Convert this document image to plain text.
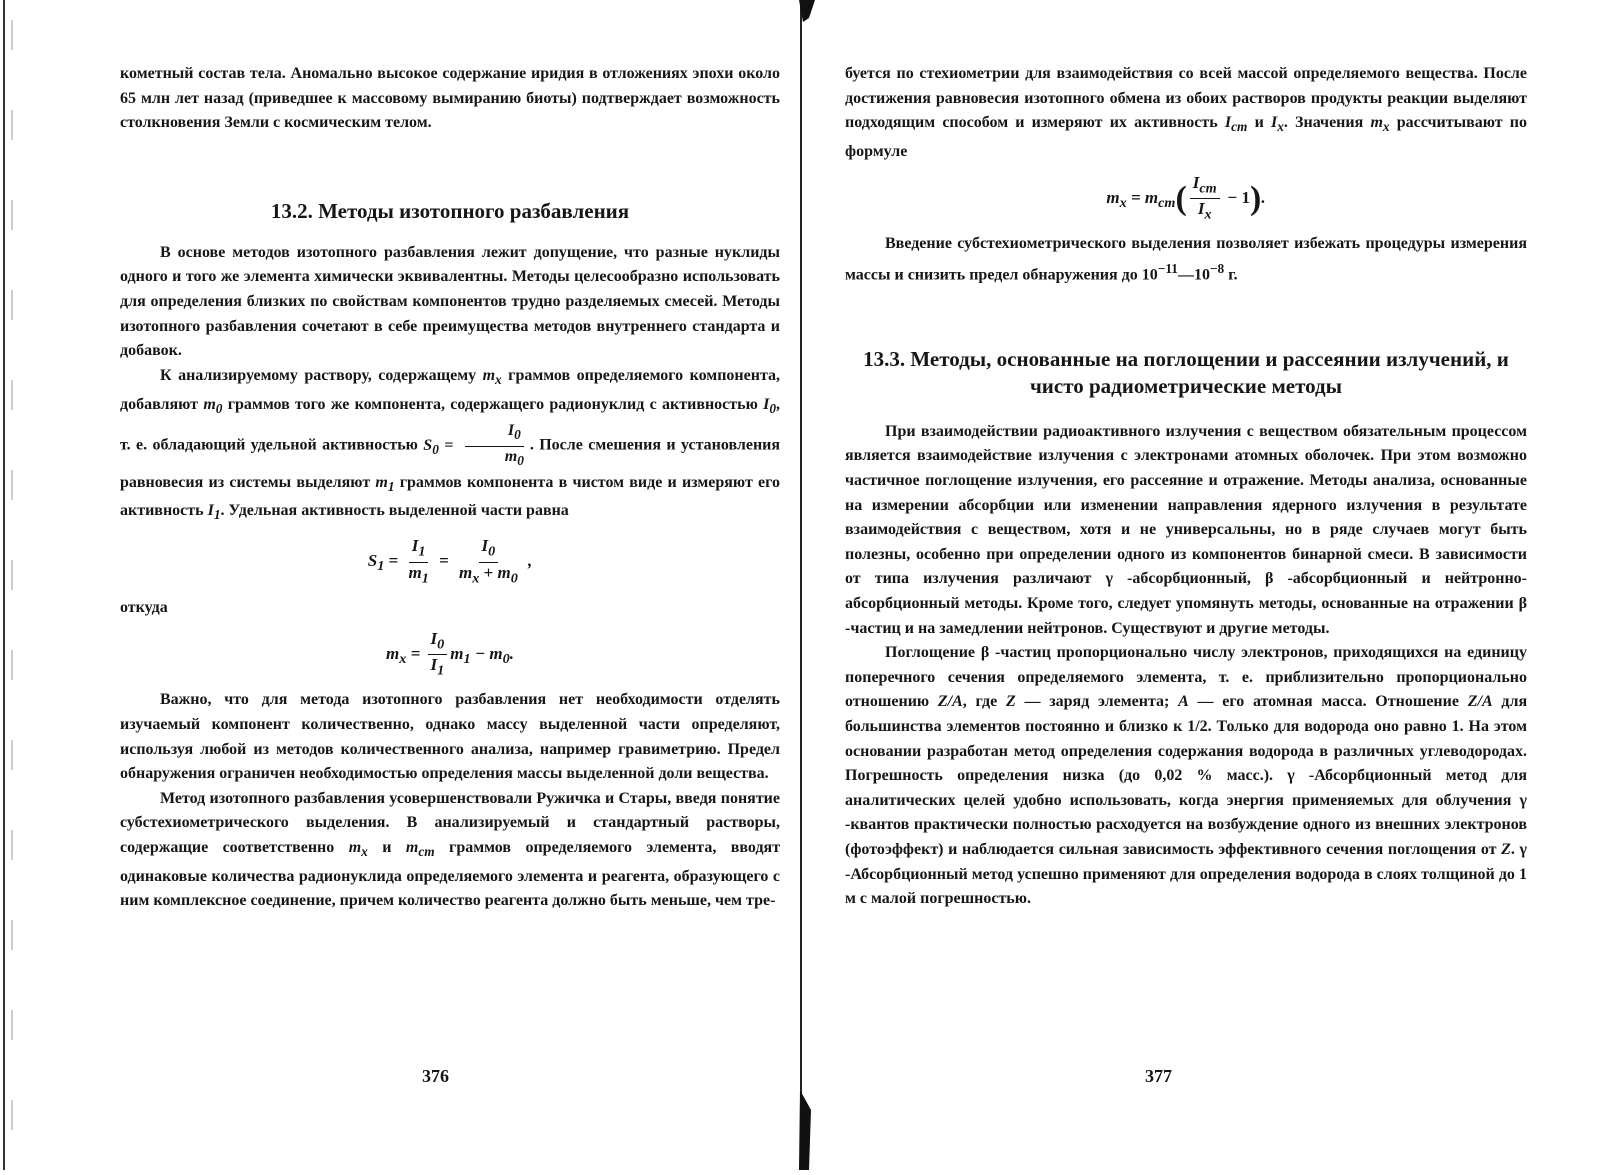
кометный состав тела. Аномально высокое содержание иридия в отложениях эпохи около 65 млн лет назад (приведшее к массовому вымиранию биоты) подтверждает возможность столкновения Земли с космическим телом.

13.2. Методы изотопного разбавления

В основе методов изотопного разбавления лежит допущение, что разные нуклиды одного и того же элемента химически эквивалентны. Методы целесообразно использовать для определения близких по свойствам компонентов трудно разделяемых смесей. Методы изотопного разбавления сочетают в себе преимущества методов внутреннего стандарта и добавок.

К анализируемому раствору, содержащему $m_x$ граммов определяемого компонента, добавляют $m_0$ граммов того же компонента, содержащего радионуклид с активностью $I_0$, т. е. обладающий удельной активностью $S_0 = \frac{I_0}{m_0}$ . После смешения и установления равновесия из системы выделяют $m_1$ граммов компонента в чистом виде и измеряют его активность $I_1$. Удельная активность выделенной части равна

$S_1 = \frac{I_1}{m_1} = \frac{I_0}{m_x + m_0}$ ,

откуда

$m_x = \frac{I_0}{I_1} m_1 - m_0$.

Важно, что для метода изотопного разбавления нет необходимости отделять изучаемый компонент количественно, однако массу выделенной части определяют, используя любой из методов количественного анализа, например гравиметрию. Предел обнаружения ограничен необходимостью определения массы выделенной доли вещества.

Метод изотопного разбавления усовершенствовали Ружичка и Стары, введя понятие субстехиометрического выделения. В анализируемый и стандартный растворы, содержащие соответственно $m_x$ и $m_{ст}$ граммов определяемого элемента, вводят одинаковые количества радионуклида определяемого элемента и реагента, образующего с ним комплексное соединение, причем количество реагента должно быть меньше, чем тре-

376

буется по стехиометрии для взаимодействия со всей массой определяемого вещества. После достижения равновесия изотопного обмена из обоих растворов продукты реакции выделяют подходящим способом и измеряют их активность $I_{ст}$ и $I_x$. Значения $m_x$ рассчитывают по формуле

$m_x = m_{ст}( \frac{I_{ст}}{I_x} - 1)$.

Введение субстехиометрического выделения позволяет избежать процедуры измерения массы и снизить предел обнаружения до $10^{-11}—10^{-8}$ г.

13.3. Методы, основанные на поглощении и рассеянии излучений, и чисто радиометрические методы

При взаимодействии радиоактивного излучения с веществом обязательным процессом является взаимодействие излучения с электронами атомных оболочек. При этом возможно частичное поглощение излучения, его рассеяние и отражение. Методы анализа, основанные на измерении абсорбции или изменении направления ядерного излучения в результате взаимодействия с веществом, хотя и не универсальны, но в ряде случаев могут быть полезны, особенно при определении одного из компонентов бинарной смеси. В зависимости от типа излучения различают γ -абсорбционный, β -абсорбционный и нейтронно-абсорбционный методы. Кроме того, следует упомянуть методы, основанные на отражении β -частиц и на замедлении нейтронов. Существуют и другие методы.

Поглощение β -частиц пропорционально числу электронов, приходящихся на единицу поперечного сечения определяемого элемента, т. е. приблизительно пропорционально отношению Z/A, где Z — заряд элемента; A — его атомная масса. Отношение Z/A для большинства элементов постоянно и близко к 1/2. Только для водорода оно равно 1. На этом основании разработан метод определения содержания водорода в различных углеводородах. Погрешность определения низка (до 0,02 % масс.). γ -Абсорбционный метод для аналитических целей удобно использовать, когда энергия применяемых для облучения γ -квантов практически полностью расходуется на возбуждение одного из внешних электронов (фотоэффект) и наблюдается сильная зависимость эффективного сечения поглощения от Z. γ -Абсорбционный метод успешно применяют для определения водорода в слоях толщиной до 1 м с малой погрешностью.

377
